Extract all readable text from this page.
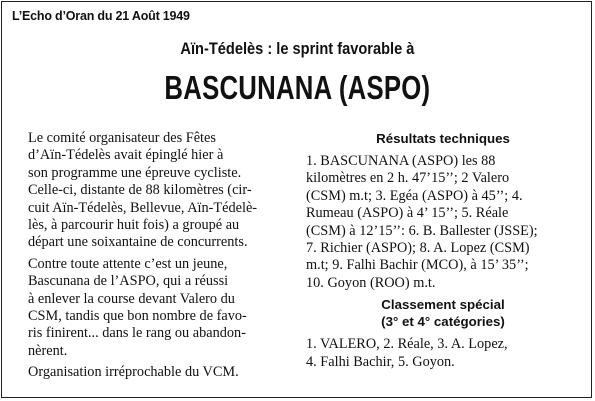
L’Echo d’Oran du 21 Août 1949
Aïn-Tédelès : le sprint favorable à
BASCUNANA (ASPO)

Le comité organisateur des Fêtes
d’Aïn-Tédelès avait épinglé hier à
son programme une épreuve cycliste.
Celle-ci, distante de 88 kilomètres (cir-
cuit Aïn-Tédelès, Bellevue, Aïn-Tédelè-
lès, à parcourir huit fois) a groupé au
départ une soixantaine de concurrents.

Contre toute attente c’est un jeune,
Bascunana de l’ASPO, qui a réussi
à enlever la course devant Valero du
CSM, tandis que bon nombre de favo-
ris finirent... dans le rang ou abandon-
nèrent.

Organisation irréprochable du VCM.

Résultats techniques
1. BASCUNANA (ASPO) les 88
kilomètres en 2 h. 47’15’’; 2 Valero
(CSM) m.t; 3. Egéa (ASPO) à 45’’; 4.
Rumeau (ASPO) à 4’ 15’’; 5. Réale
(CSM) à 12’15’’: 6. B. Ballester (JSSE);
7. Richier (ASPO); 8. A. Lopez (CSM)
m.t; 9. Falhi Bachir (MCO), à 15’ 35’’;
10. Goyon (ROO) m.t.
Classement spécial
(3° et 4° catégories)
1. VALERO, 2. Réale, 3. A. Lopez,
4. Falhi Bachir, 5. Goyon.
